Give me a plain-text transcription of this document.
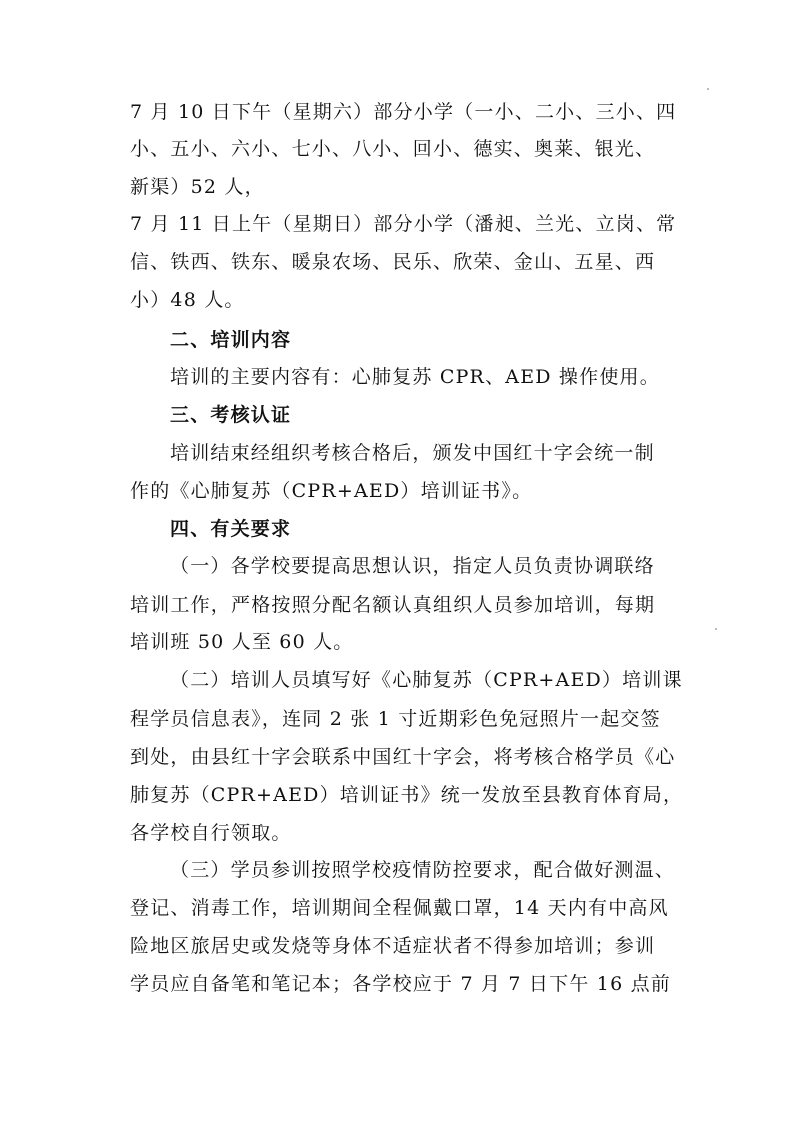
7 月 10 日下午（星期六）部分小学（一小、二小、三小、四
小、五小、六小、七小、八小、回小、德实、奥莱、银光、
新渠）52 人，
7 月 11 日上午（星期日）部分小学（潘昶、兰光、立岗、常
信、铁西、铁东、暖泉农场、民乐、欣荣、金山、五星、西
小）48 人。
二、培训内容
培训的主要内容有：心肺复苏 CPR、AED 操作使用。
三、考核认证
培训结束经组织考核合格后，颁发中国红十字会统一制
作的《心肺复苏（CPR+AED）培训证书》。
四、有关要求
（一）各学校要提高思想认识，指定人员负责协调联络
培训工作，严格按照分配名额认真组织人员参加培训，每期
培训班 50 人至 60 人。
（二）培训人员填写好《心肺复苏（CPR+AED）培训课
程学员信息表》，连同 2 张 1 寸近期彩色免冠照片一起交签
到处，由县红十字会联系中国红十字会，将考核合格学员《心
肺复苏（CPR+AED）培训证书》统一发放至县教育体育局，
各学校自行领取。
（三）学员参训按照学校疫情防控要求，配合做好测温、
登记、消毒工作，培训期间全程佩戴口罩，14 天内有中高风
险地区旅居史或发烧等身体不适症状者不得参加培训；参训
学员应自备笔和笔记本；各学校应于 7 月 7 日下午 16 点前
